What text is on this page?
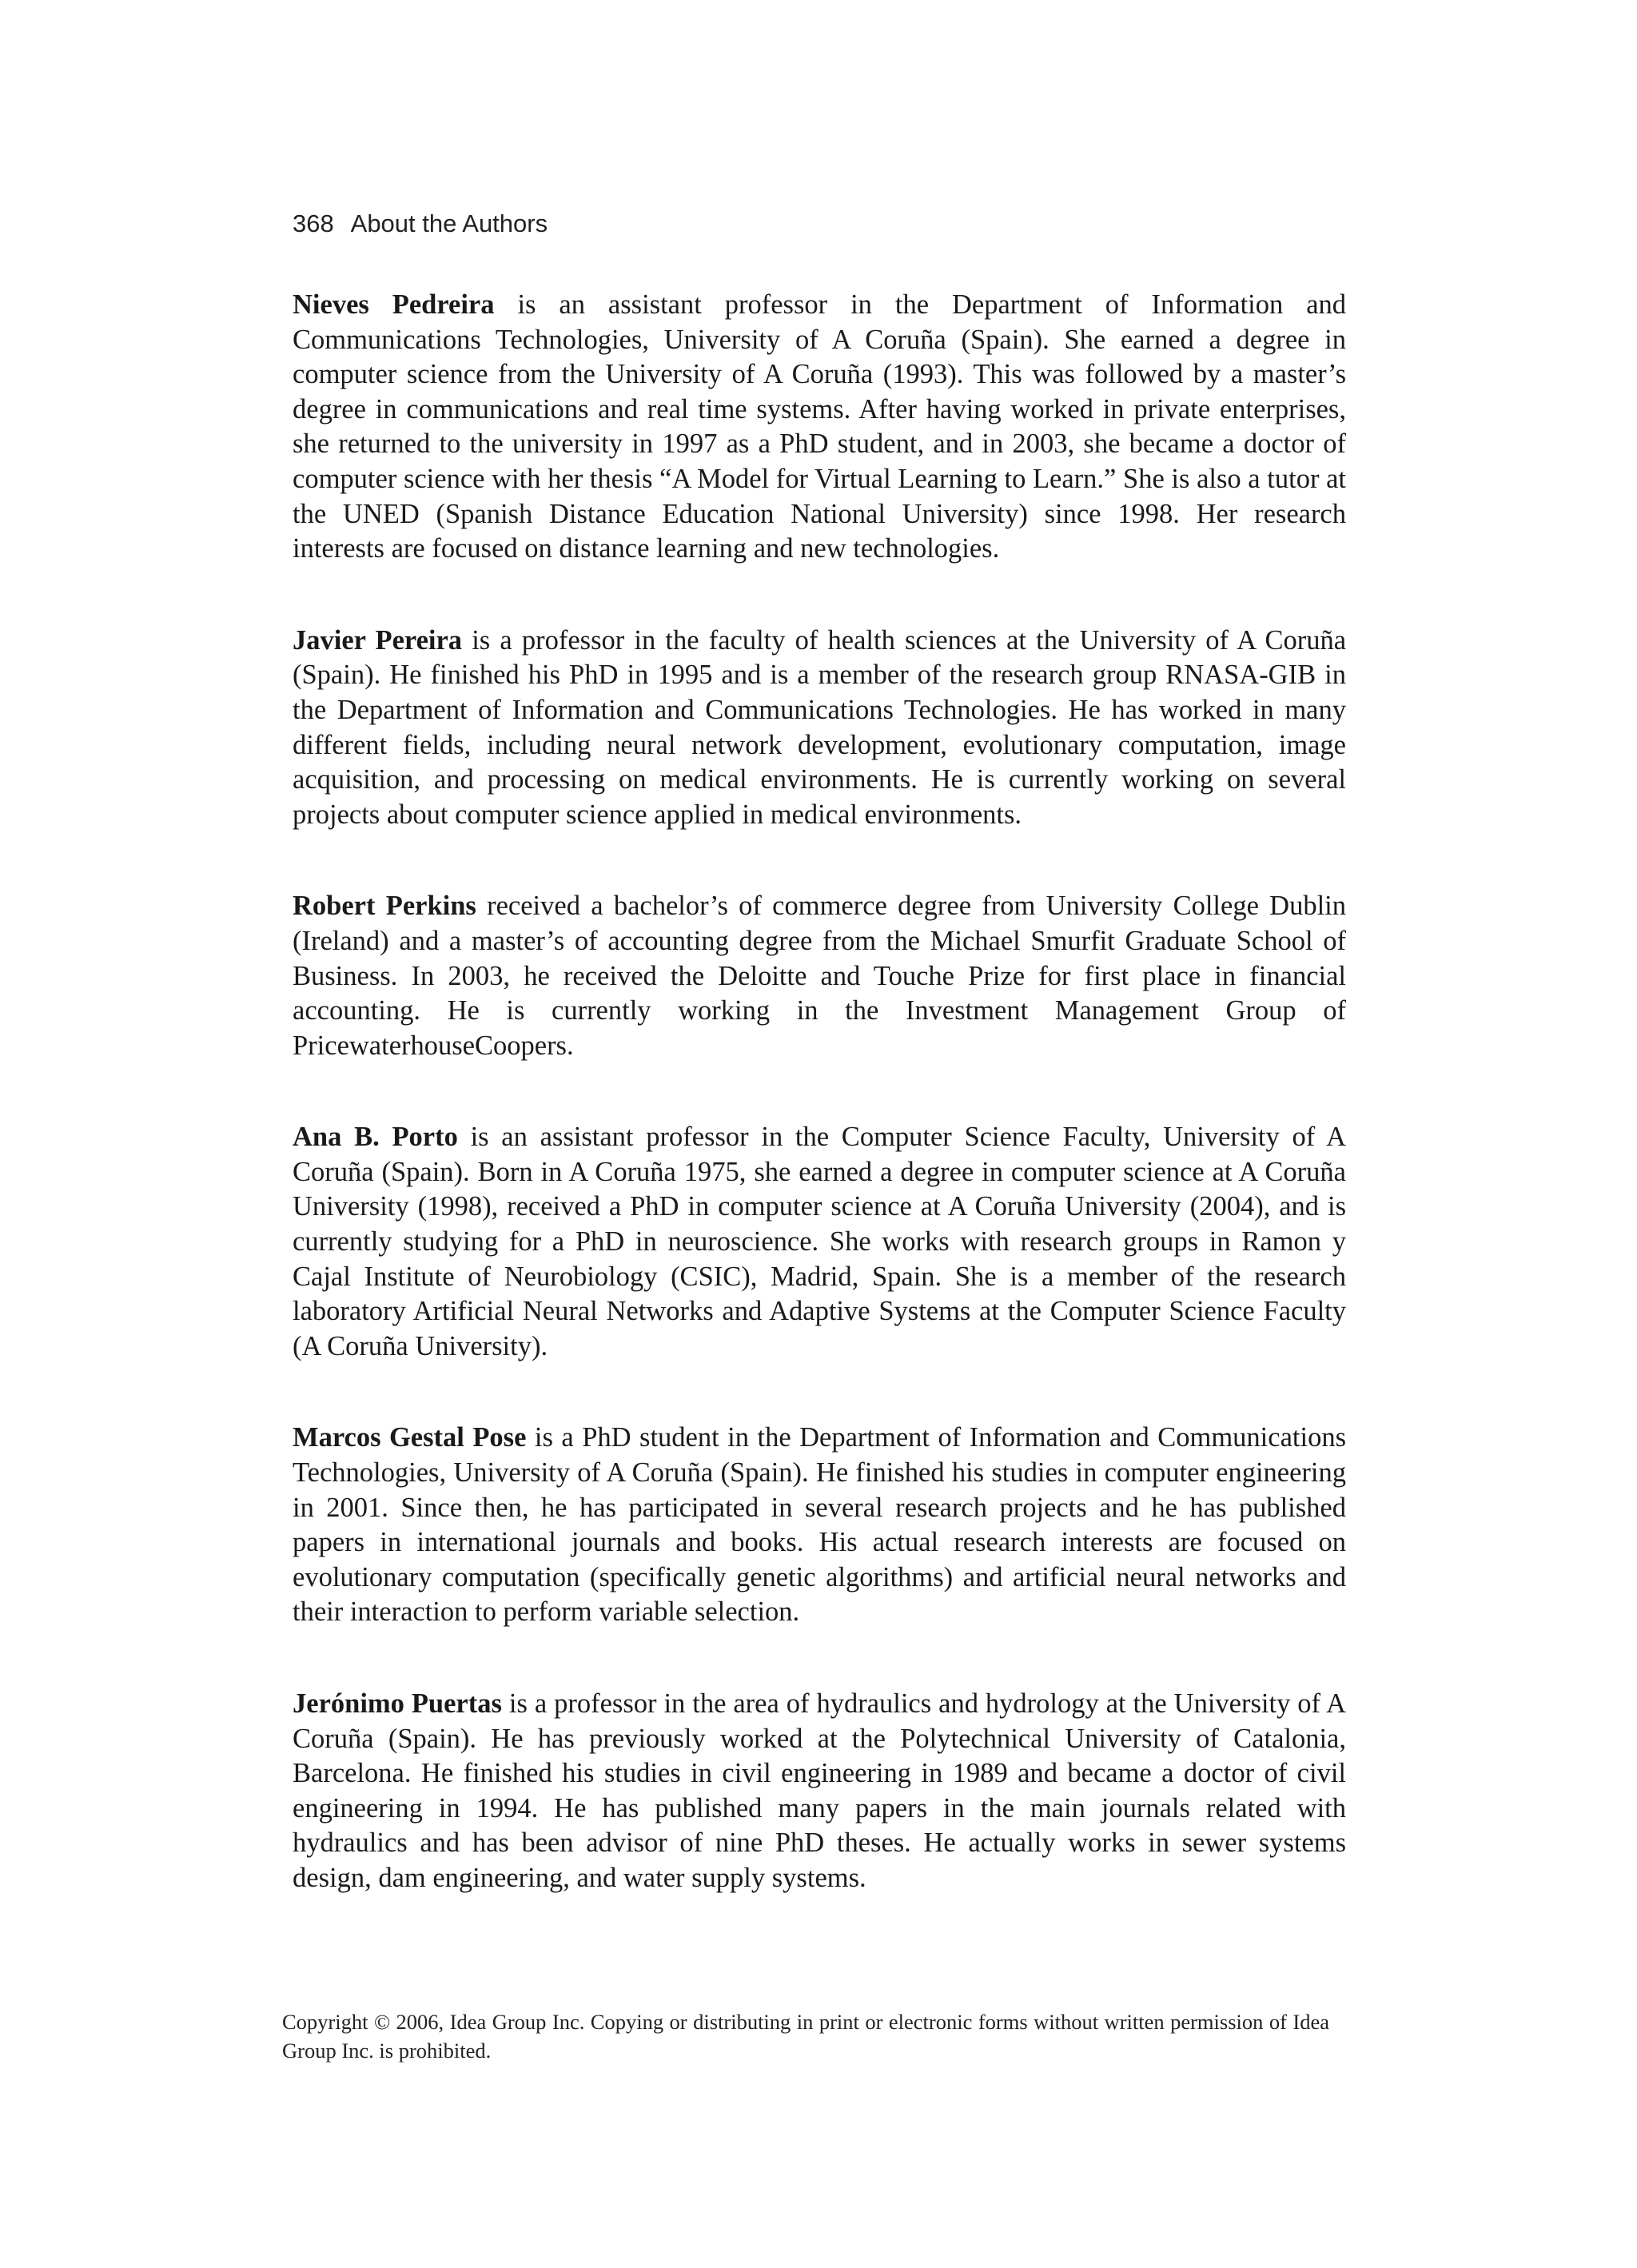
368 About the Authors

Nieves Pedreira is an assistant professor in the Department of Information and Communications Technologies, University of A Coruña (Spain). She earned a degree in computer science from the University of A Coruña (1993). This was followed by a master’s degree in communications and real time systems. After having worked in private enterprises, she returned to the university in 1997 as a PhD student, and in 2003, she became a doctor of computer science with her thesis “A Model for Virtual Learning to Learn.” She is also a tutor at the UNED (Spanish Distance Education National University) since 1998. Her research interests are focused on distance learning and new technologies.

Javier Pereira is a professor in the faculty of health sciences at the University of A Coruña (Spain). He finished his PhD in 1995 and is a member of the research group RNASA-GIB in the Department of Information and Communications Technologies. He has worked in many different fields, including neural network development, evolutionary computation, image acquisition, and processing on medical environments. He is currently working on several projects about computer science applied in medical environments.

Robert Perkins received a bachelor’s of commerce degree from University College Dublin (Ireland) and a master’s of accounting degree from the Michael Smurfit Graduate School of Business. In 2003, he received the Deloitte and Touche Prize for first place in financial accounting. He is currently working in the Investment Management Group of PricewaterhouseCoopers.

Ana B. Porto is an assistant professor in the Computer Science Faculty, University of A Coruña (Spain). Born in A Coruña 1975, she earned a degree in computer science at A Coruña University (1998), received a PhD in computer science at A Coruña University (2004), and is currently studying for a PhD in neuroscience. She works with research groups in Ramon y Cajal Institute of Neurobiology (CSIC), Madrid, Spain. She is a member of the research laboratory Artificial Neural Networks and Adaptive Systems at the Computer Science Faculty (A Coruña University).

Marcos Gestal Pose is a PhD student in the Department of Information and Communications Technologies, University of A Coruña (Spain). He finished his studies in computer engineering in 2001. Since then, he has participated in several research projects and he has published papers in international journals and books. His actual research interests are focused on evolutionary computation (specifically genetic algorithms) and artificial neural networks and their interaction to perform variable selection.

Jerónimo Puertas is a professor in the area of hydraulics and hydrology at the University of A Coruña (Spain). He has previously worked at the Polytechnical University of Catalonia, Barcelona. He finished his studies in civil engineering in 1989 and became a doctor of civil engineering in 1994. He has published many papers in the main journals related with hydraulics and has been advisor of nine PhD theses. He actually works in sewer systems design, dam engineering, and water supply systems.

Copyright © 2006, Idea Group Inc. Copying or distributing in print or electronic forms without written permission of Idea Group Inc. is prohibited.
